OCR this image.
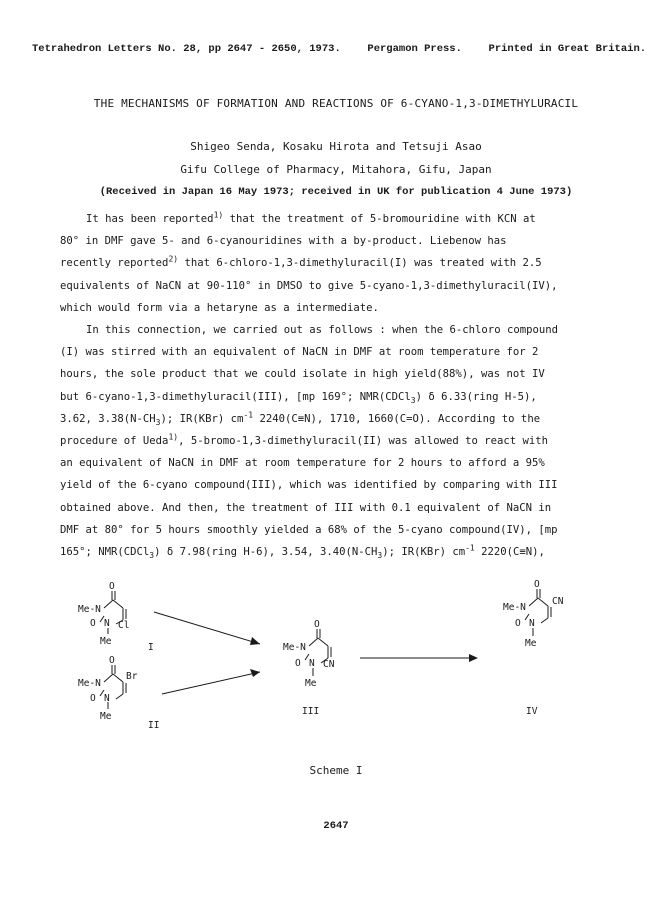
Tetrahedron Letters No. 28, pp 2647 - 2650, 1973.	Pergamon Press.	Printed in Great Britain.
THE MECHANISMS OF FORMATION AND REACTIONS OF 6-CYANO-1,3-DIMETHYLURACIL
Shigeo Senda, Kosaku Hirota and Tetsuji Asao
Gifu College of Pharmacy, Mitahora, Gifu, Japan
(Received in Japan 16 May 1973; received in UK for publication 4 June 1973)

It has been reported$^{1)}$ that the treatment of 5-bromouridine with KCN at

80° in DMF gave 5- and 6-cyanouridines with a by-product. Liebenow has

recently reported$^{2)}$ that 6-chloro-1,3-dimethyluracil(I) was treated with 2.5

equivalents of NaCN at 90-110° in DMSO to give 5-cyano-1,3-dimethyluracil(IV),

which would form via a hetaryne as a intermediate.

In this connection, we carried out as follows : when the 6-chloro compound

(I) was stirred with an equivalent of NaCN in DMF at room temperature for 2

hours, the sole product that we could isolate in high yield(88%), was not IV

but 6-cyano-1,3-dimethyluracil(III), [mp 169°; NMR(CDCl$_3$) δ 6.33(ring H-5),

3.62, $3.38(N-CH_3)$; IR(KBr) $cm^{-1}$ 2240(C≡N), 1710, 1660(C=O). According to the

procedure of Ueda$^{1)}$, 5-bromo-1,3-dimethyluracil(II) was allowed to react with

an equivalent of NaCN in DMF at room temperature for 2 hours to afford a 95%

yield of the 6-cyano compound(III), which was identified by comparing with III

obtained above. And then, the treatment of III with 0.1 equivalent of NaCN in

DMF at 80° for 5 hours smoothly yielded a 68% of the 5-cyano compound(IV), [mp

165°; NMR(CDCl$_3$) δ 7.98(ring H-6), 3.54, $3.40(N-CH_3)$; IR(KBr) $cm^{-1}$ 2220(C≡N),

O
Me-N
O N Cl
Me
I
O
Br
Me-N
O N
Me
II
O
Me-N
O N CN
Me
III
O
CN
Me-N
O N
Me
IV
Scheme I
2647
